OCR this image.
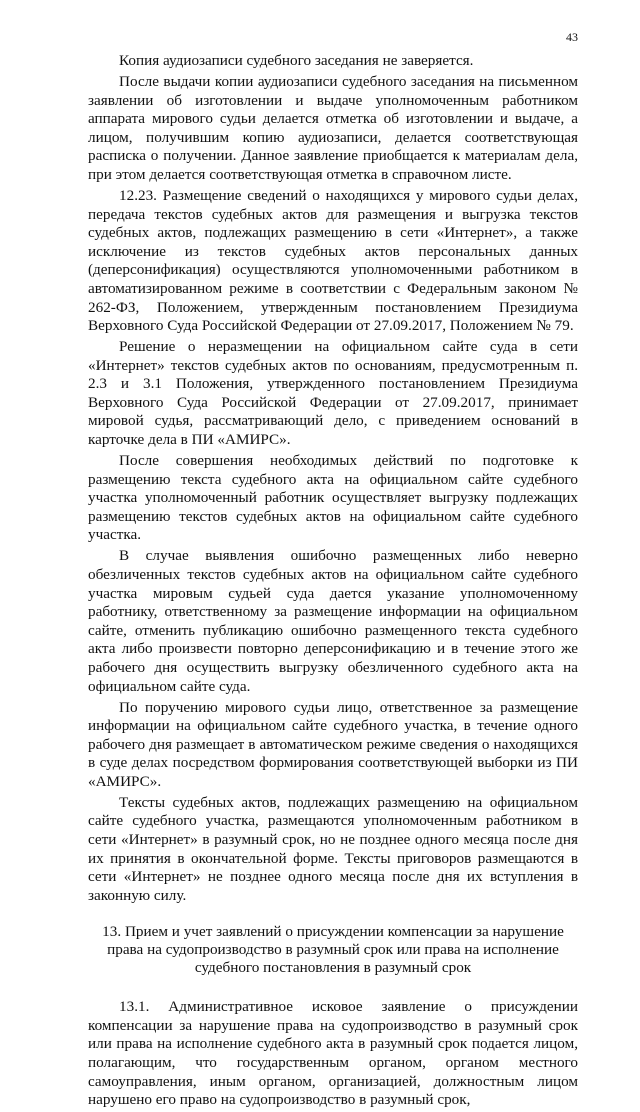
43

Копия аудиозаписи судебного заседания не заверяется.

После выдачи копии аудиозаписи судебного заседания на письменном заявлении об изготовлении и выдаче уполномоченным работником аппарата мирового судьи делается отметка об изготовлении и выдаче, а лицом, получившим копию аудиозаписи, делается соответствующая расписка о получении. Данное заявление приобщается к материалам дела, при этом делается соответствующая отметка в справочном листе.

12.23. Размещение сведений о находящихся у мирового судьи делах, передача текстов судебных актов для размещения и выгрузка текстов судебных актов, подлежащих размещению в сети «Интернет», а также исключение из текстов судебных актов персональных данных (деперсонификация) осуществляются уполномоченными работником в автоматизированном режиме в соответствии с Федеральным законом № 262-ФЗ, Положением, утвержденным постановлением Президиума Верховного Суда Российской Федерации от 27.09.2017, Положением № 79.

Решение о неразмещении на официальном сайте суда в сети «Интернет» текстов судебных актов по основаниям, предусмотренным п. 2.3 и 3.1 Положения, утвержденного постановлением Президиума Верховного Суда Российской Федерации от 27.09.2017, принимает мировой судья, рассматривающий дело, с приведением оснований в карточке дела в ПИ «АМИРС».

После совершения необходимых действий по подготовке к размещению текста судебного акта на официальном сайте судебного участка уполномоченный работник осуществляет выгрузку подлежащих размещению текстов судебных актов на официальном сайте судебного участка.

В случае выявления ошибочно размещенных либо неверно обезличенных текстов судебных актов на официальном сайте судебного участка мировым судьей суда дается указание уполномоченному работнику, ответственному за размещение информации на официальном сайте, отменить публикацию ошибочно размещенного текста судебного акта либо произвести повторно деперсонификацию и в течение этого же рабочего дня осуществить выгрузку обезличенного судебного акта на официальном сайте суда.

По поручению мирового судьи лицо, ответственное за размещение информации на официальном сайте судебного участка, в течение одного рабочего дня размещает в автоматическом режиме сведения о находящихся в суде делах посредством формирования соответствующей выборки из ПИ «АМИРС».

Тексты судебных актов, подлежащих размещению на официальном сайте судебного участка, размещаются уполномоченным работником в сети «Интернет» в разумный срок, но не позднее одного месяца после дня их принятия в окончательной форме. Тексты приговоров размещаются в сети «Интернет» не позднее одного месяца после дня их вступления в законную силу.

13. Прием и учет заявлений о присуждении компенсации за нарушение
права на судопроизводство в разумный срок или права на исполнение
судебного постановления в разумный срок

13.1. Административное исковое заявление о присуждении компенсации за нарушение права на судопроизводство в разумный срок или права на исполнение судебного акта в разумный срок подается лицом, полагающим, что государственным органом, органом местного самоуправления, иным органом, организацией, должностным лицом нарушено его право на судопроизводство в разумный срок,
